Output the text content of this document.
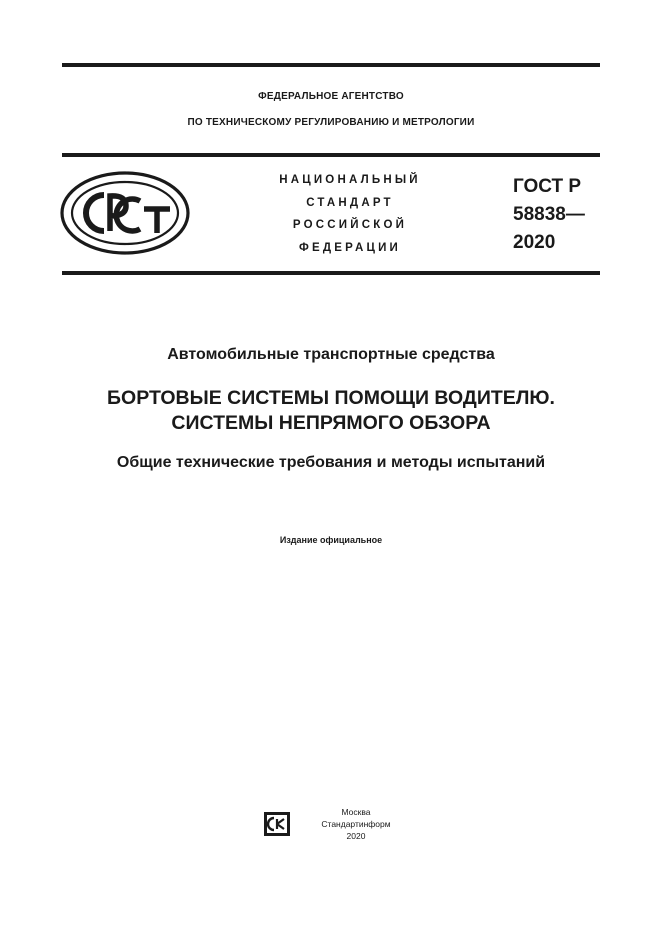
ФЕДЕРАЛЬНОЕ АГЕНТСТВО
ПО ТЕХНИЧЕСКОМУ РЕГУЛИРОВАНИЮ И МЕТРОЛОГИИ
НАЦИОНАЛЬНЫЙ
СТАНДАРТ
РОССИЙСКОЙ
ФЕДЕРАЦИИ
ГОСТ Р
58838—
2020
Автомобильные транспортные средства
БОРТОВЫЕ СИСТЕМЫ ПОМОЩИ ВОДИТЕЛЮ.
СИСТЕМЫ НЕПРЯМОГО ОБЗОРА
Общие технические требования и методы испытаний
Издание официальное
Москва
Стандартинформ
2020
